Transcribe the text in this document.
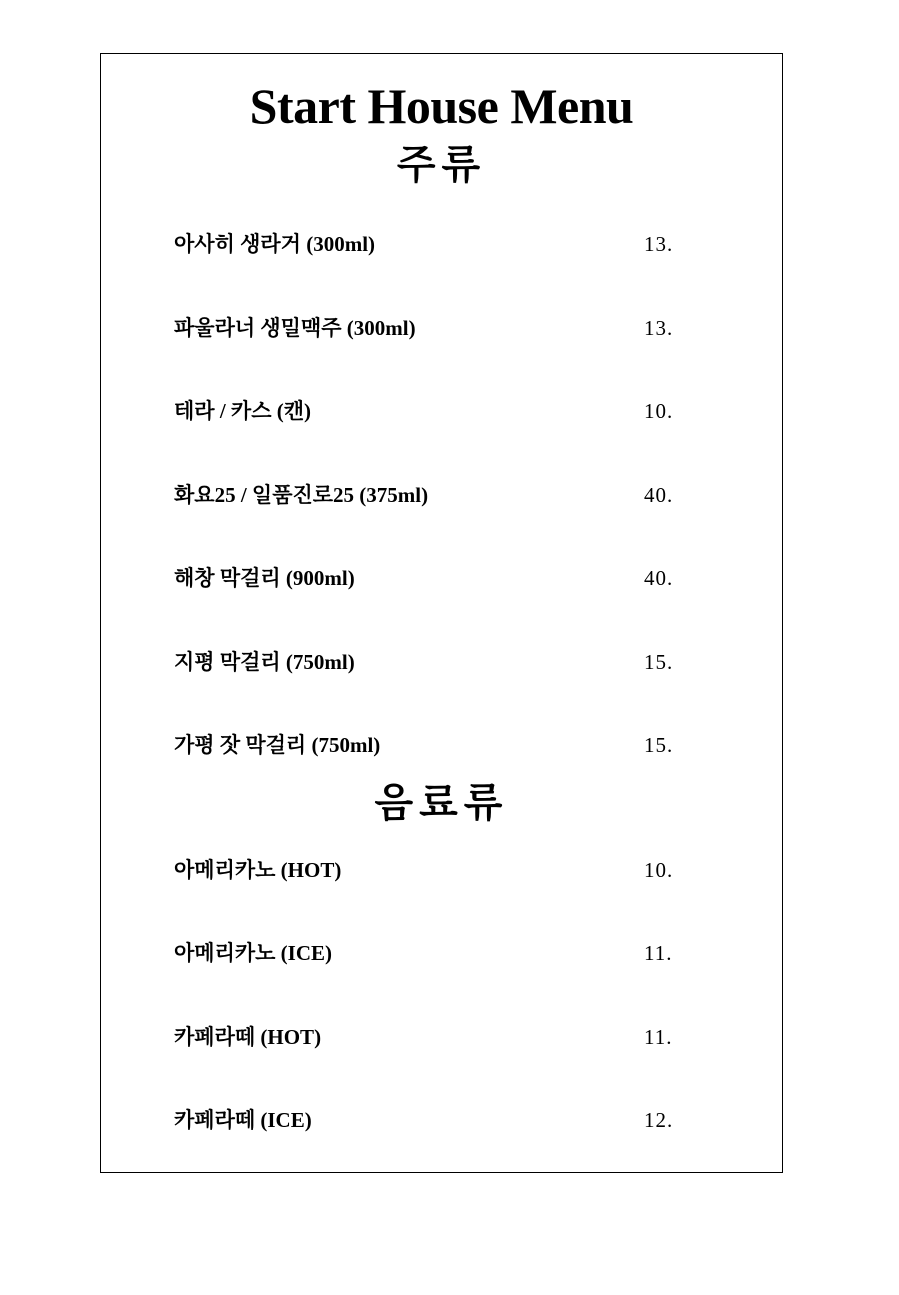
Start House Menu
주류
아사히 생라거 (300ml)	13.
파울라너 생밀맥주 (300ml)	13.
테라 / 카스 (캔)	10.
화요25 / 일품진로25 (375ml)	40.
해창 막걸리 (900ml)	40.
지평 막걸리 (750ml)	15.
가평 잣 막걸리 (750ml)	15.
음료류
아메리카노 (HOT)	10.
아메리카노 (ICE)	11.
카페라떼 (HOT)	11.
카페라떼 (ICE)	12.
